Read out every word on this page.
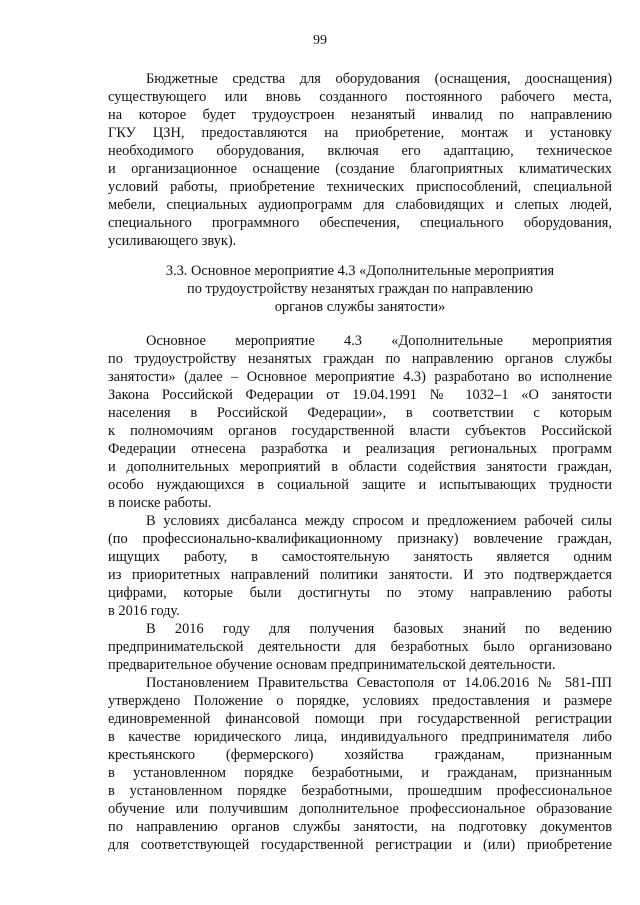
99
Бюджетные средства для оборудования (оснащения, дооснащения)
существующего или вновь созданного постоянного рабочего места,
на которое будет трудоустроен незанятый инвалид по направлению
ГКУ ЦЗН, предоставляются на приобретение, монтаж и установку
необходимого оборудования, включая его адаптацию, техническое
и организационное оснащение (создание благоприятных климатических
условий работы, приобретение технических приспособлений, специальной
мебели, специальных аудиопрограмм для слабовидящих и слепых людей,
специального программного обеспечения, специального оборудования,
усиливающего звук).
3.3. Основное мероприятие 4.3 «Дополнительные мероприятия
по трудоустройству незанятых граждан по направлению
органов службы занятости»
Основное мероприятие 4.3 «Дополнительные мероприятия
по трудоустройству незанятых граждан по направлению органов службы
занятости» (далее – Основное мероприятие 4.3) разработано во исполнение
Закона Российской Федерации от 19.04.1991 № 1032–1 «О занятости
населения в Российской Федерации», в соответствии с которым
к полномочиям органов государственной власти субъектов Российской
Федерации отнесена разработка и реализация региональных программ
и дополнительных мероприятий в области содействия занятости граждан,
особо нуждающихся в социальной защите и испытывающих трудности
в поиске работы.
В условиях дисбаланса между спросом и предложением рабочей силы
(по профессионально-квалификационному признаку) вовлечение граждан,
ищущих работу, в самостоятельную занятость является одним
из приоритетных направлений политики занятости. И это подтверждается
цифрами, которые были достигнуты по этому направлению работы
в 2016 году.
В 2016 году для получения базовых знаний по ведению
предпринимательской деятельности для безработных было организовано
предварительное обучение основам предпринимательской деятельности.
Постановлением Правительства Севастополя от 14.06.2016 № 581-ПП
утверждено Положение о порядке, условиях предоставления и размере
единовременной финансовой помощи при государственной регистрации
в качестве юридического лица, индивидуального предпринимателя либо
крестьянского (фермерского) хозяйства гражданам, признанным
в установленном порядке безработными, и гражданам, признанным
в установленном порядке безработными, прошедшим профессиональное
обучение или получившим дополнительное профессиональное образование
по направлению органов службы занятости, на подготовку документов
для соответствующей государственной регистрации и (или) приобретение
